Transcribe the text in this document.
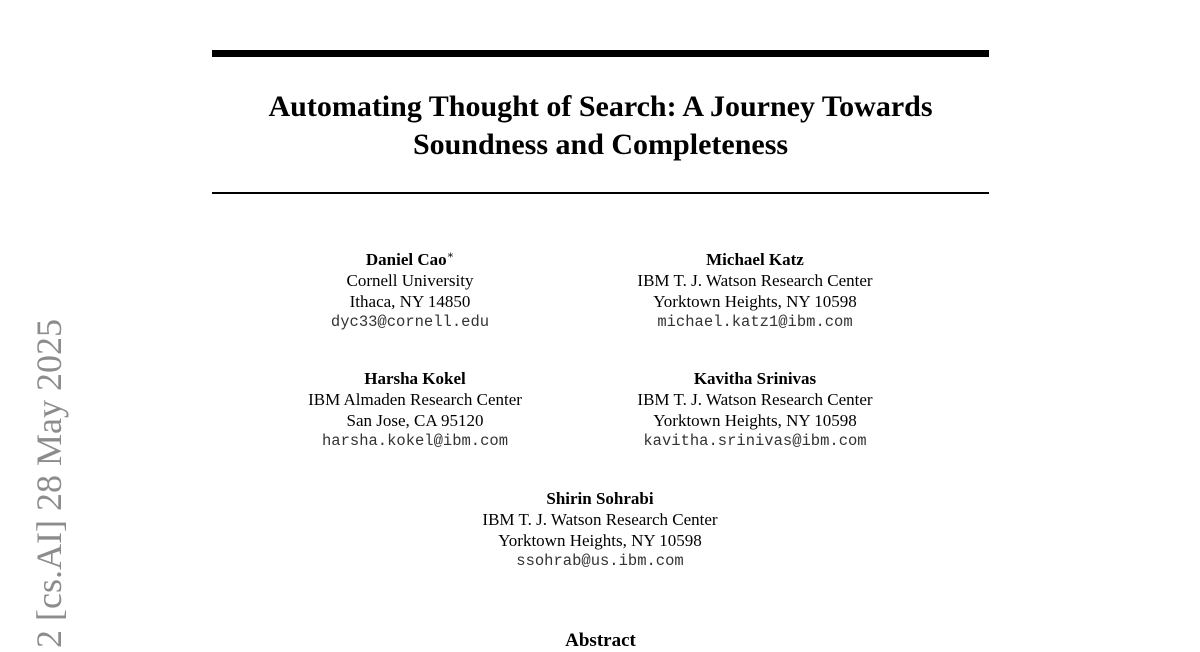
2 [cs.AI] 28 May 2025
Automating Thought of Search: A Journey Towards
Soundness and Completeness
Daniel Cao∗
Cornell University
Ithaca, NY 14850
dyc33@cornell.edu
Michael Katz
IBM T. J. Watson Research Center
Yorktown Heights, NY 10598
michael.katz1@ibm.com
Harsha Kokel
IBM Almaden Research Center
San Jose, CA 95120
harsha.kokel@ibm.com
Kavitha Srinivas
IBM T. J. Watson Research Center
Yorktown Heights, NY 10598
kavitha.srinivas@ibm.com
Shirin Sohrabi
IBM T. J. Watson Research Center
Yorktown Heights, NY 10598
ssohrab@us.ibm.com
Abstract
